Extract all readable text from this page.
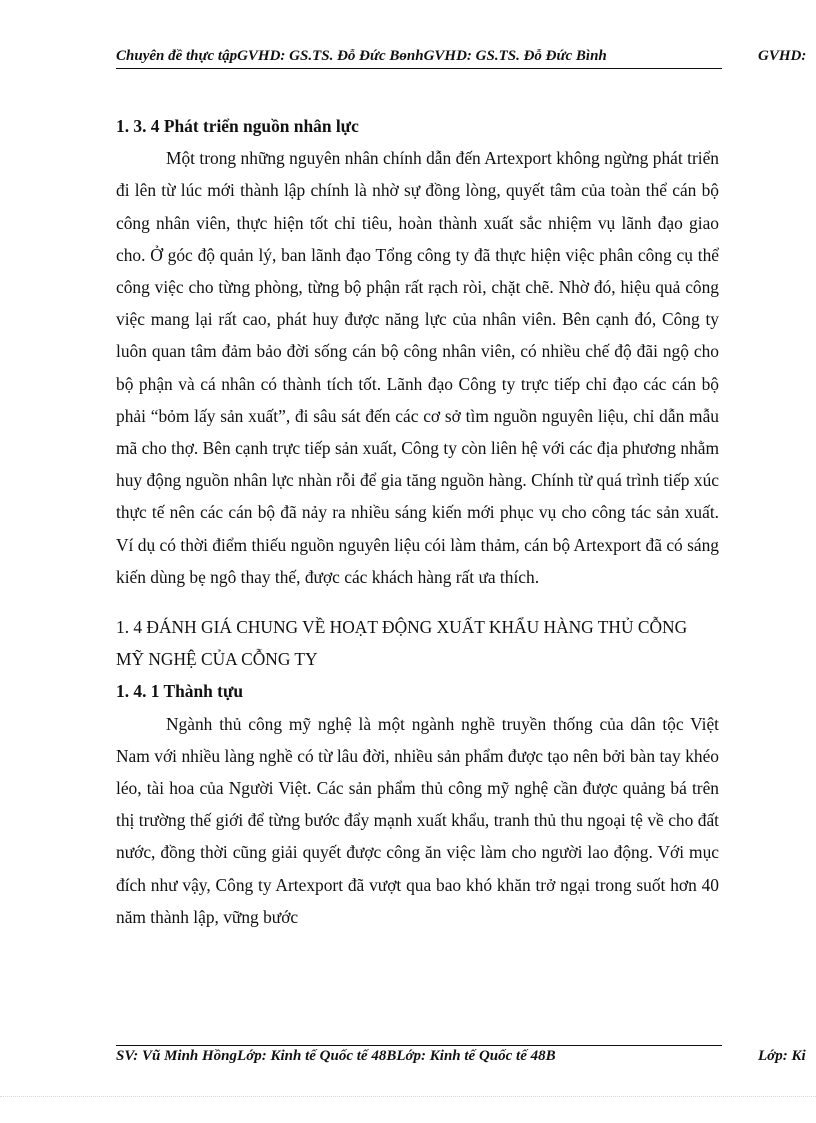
Chuyên đề thực tậpGVHD: GS.TS. Đỗ Đức BɵnhGVHD: GS.TS. Đỗ Đức Bình	GVHD:

1. 3. 4 Phát triển nguồn nhân lực

Một trong những nguyên nhân chính dẫn đến Artexport không ngừng phát triển đi lên từ lúc mới thành lập chính là nhờ sự đồng lòng, quyết tâm của toàn thể cán bộ công nhân viên, thực hiện tốt chỉ tiêu, hoàn thành xuất sắc nhiệm vụ lãnh đạo giao cho. Ở góc độ quản lý, ban lãnh đạo Tổng công ty đã thực hiện việc phân công cụ thể công việc cho từng phòng, từng bộ phận rất rạch ròi, chặt chẽ. Nhờ đó, hiệu quả công việc mang lại rất cao, phát huy được năng lực của nhân viên. Bên cạnh đó, Công ty luôn quan tâm đảm bảo đời sống cán bộ công nhân viên, có nhiều chế độ đãi ngộ cho bộ phận và cá nhân có thành tích tốt. Lãnh đạo Công ty trực tiếp chỉ đạo các cán bộ phải “bỏm lấy sản xuất”, đi sâu sát đến các cơ sở tìm nguồn nguyên liệu, chỉ dẫn mẫu mã cho thợ. Bên cạnh trực tiếp sản xuất, Công ty còn liên hệ với các địa phương nhằm huy động nguồn nhân lực nhàn rỗi để gia tăng nguồn hàng. Chính từ quá trình tiếp xúc thực tế nên các cán bộ đã nảy ra nhiều sáng kiến mới phục vụ cho công tác sản xuất. Ví dụ có thời điểm thiếu nguồn nguyên liệu cói làm thảm, cán bộ Artexport đã có sáng kiến dùng bẹ ngô thay thế, được các khách hàng rất ưa thích.

1. 4 ĐÁNH GIÁ CHUNG VỀ HOẠT ĐỘNG XUẤT KHẨU HÀNG THỦ CỖNG MỸ NGHỆ CỦA CỖNG TY

1. 4. 1 Thành tựu

Ngành thủ công mỹ nghệ là một ngành nghề truyền thống của dân tộc Việt Nam với nhiều làng nghề có từ lâu đời, nhiều sản phẩm được tạo nên bởi bàn tay khéo léo, tài hoa của Người Việt. Các sản phẩm thủ công mỹ nghệ cần được quảng bá trên thị trường thế giới để từng bước đẩy mạnh xuất khẩu, tranh thủ thu ngoại tệ về cho đất nước, đồng thời cũng giải quyết được công ăn việc làm cho người lao động. Với mục đích như vậy, Công ty Artexport đã vượt qua bao khó khăn trở ngại trong suốt hơn 40 năm thành lập, vững bước

SV: Vũ Minh HồngLớp: Kinh tế Quốc tế 48BLớp: Kinh tế Quốc tế 48B	Lớp: Ki
